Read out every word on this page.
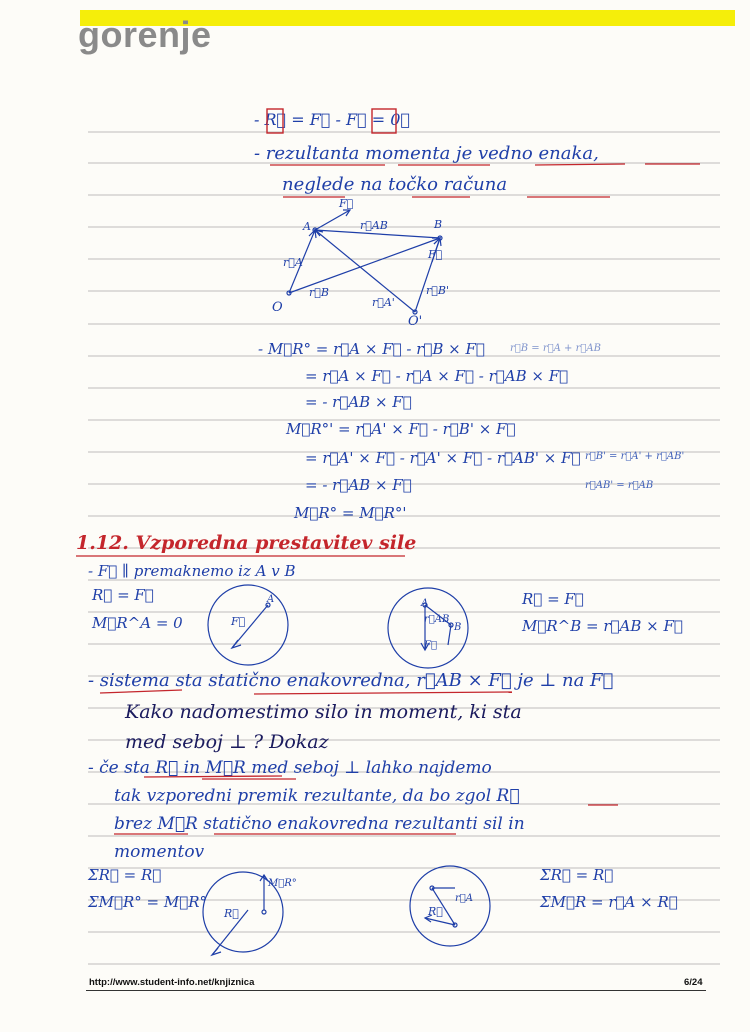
gorenje
- R⃗ = F⃗ - F⃗ = 0⃗
- rezultanta momenta je vedno enaka,
neglede na točko računa
F⃗
A	B
r⃗AB
r⃗A
r⃗B
r⃗A'
r⃗B'
F⃗
O
O'
- M⃗R° = r⃗A × F⃗ - r⃗B × F⃗	r⃗B = r⃗A + r⃗AB
= r⃗A × F⃗ - r⃗A × F⃗ - r⃗AB × F⃗
= - r⃗AB × F⃗
M⃗R°' = r⃗A' × F⃗ - r⃗B' × F⃗
= r⃗A' × F⃗ - r⃗A' × F⃗ - r⃗AB' × F⃗ r⃗B' = r⃗A' + r⃗AB'
= - r⃗AB × F⃗	r⃗AB' = r⃗AB
M⃗R° = M⃗R°'
1.12. Vzporedna prestavitev sile
- F⃗ ∥ premaknemo iz A v B
R⃗ = F⃗
M⃗R^A = 0
R⃗ = F⃗
M⃗R^B = r⃗AB × F⃗
A
F⃗
A
B
r⃗AB
F⃗
- sistema sta statično enakovredna, r⃗AB × F⃗ je ⊥ na F⃗
Kako nadomestimo silo in moment, ki sta
med seboj ⊥ ? Dokaz
- če sta R⃗ in M⃗R med seboj ⊥ lahko najdemo
tak vzporedni premik rezultante, da bo zgol R⃗
brez M⃗R statično enakovredna rezultanti sil in
momentov
ΣR⃗ = R⃗
ΣM⃗R° = M⃗R°
ΣR⃗ = R⃗
ΣM⃗R = r⃗A × R⃗
M⃗R°
R⃗
r⃗A
R⃗
http://www.student-info.net/knjiznica	6/24
